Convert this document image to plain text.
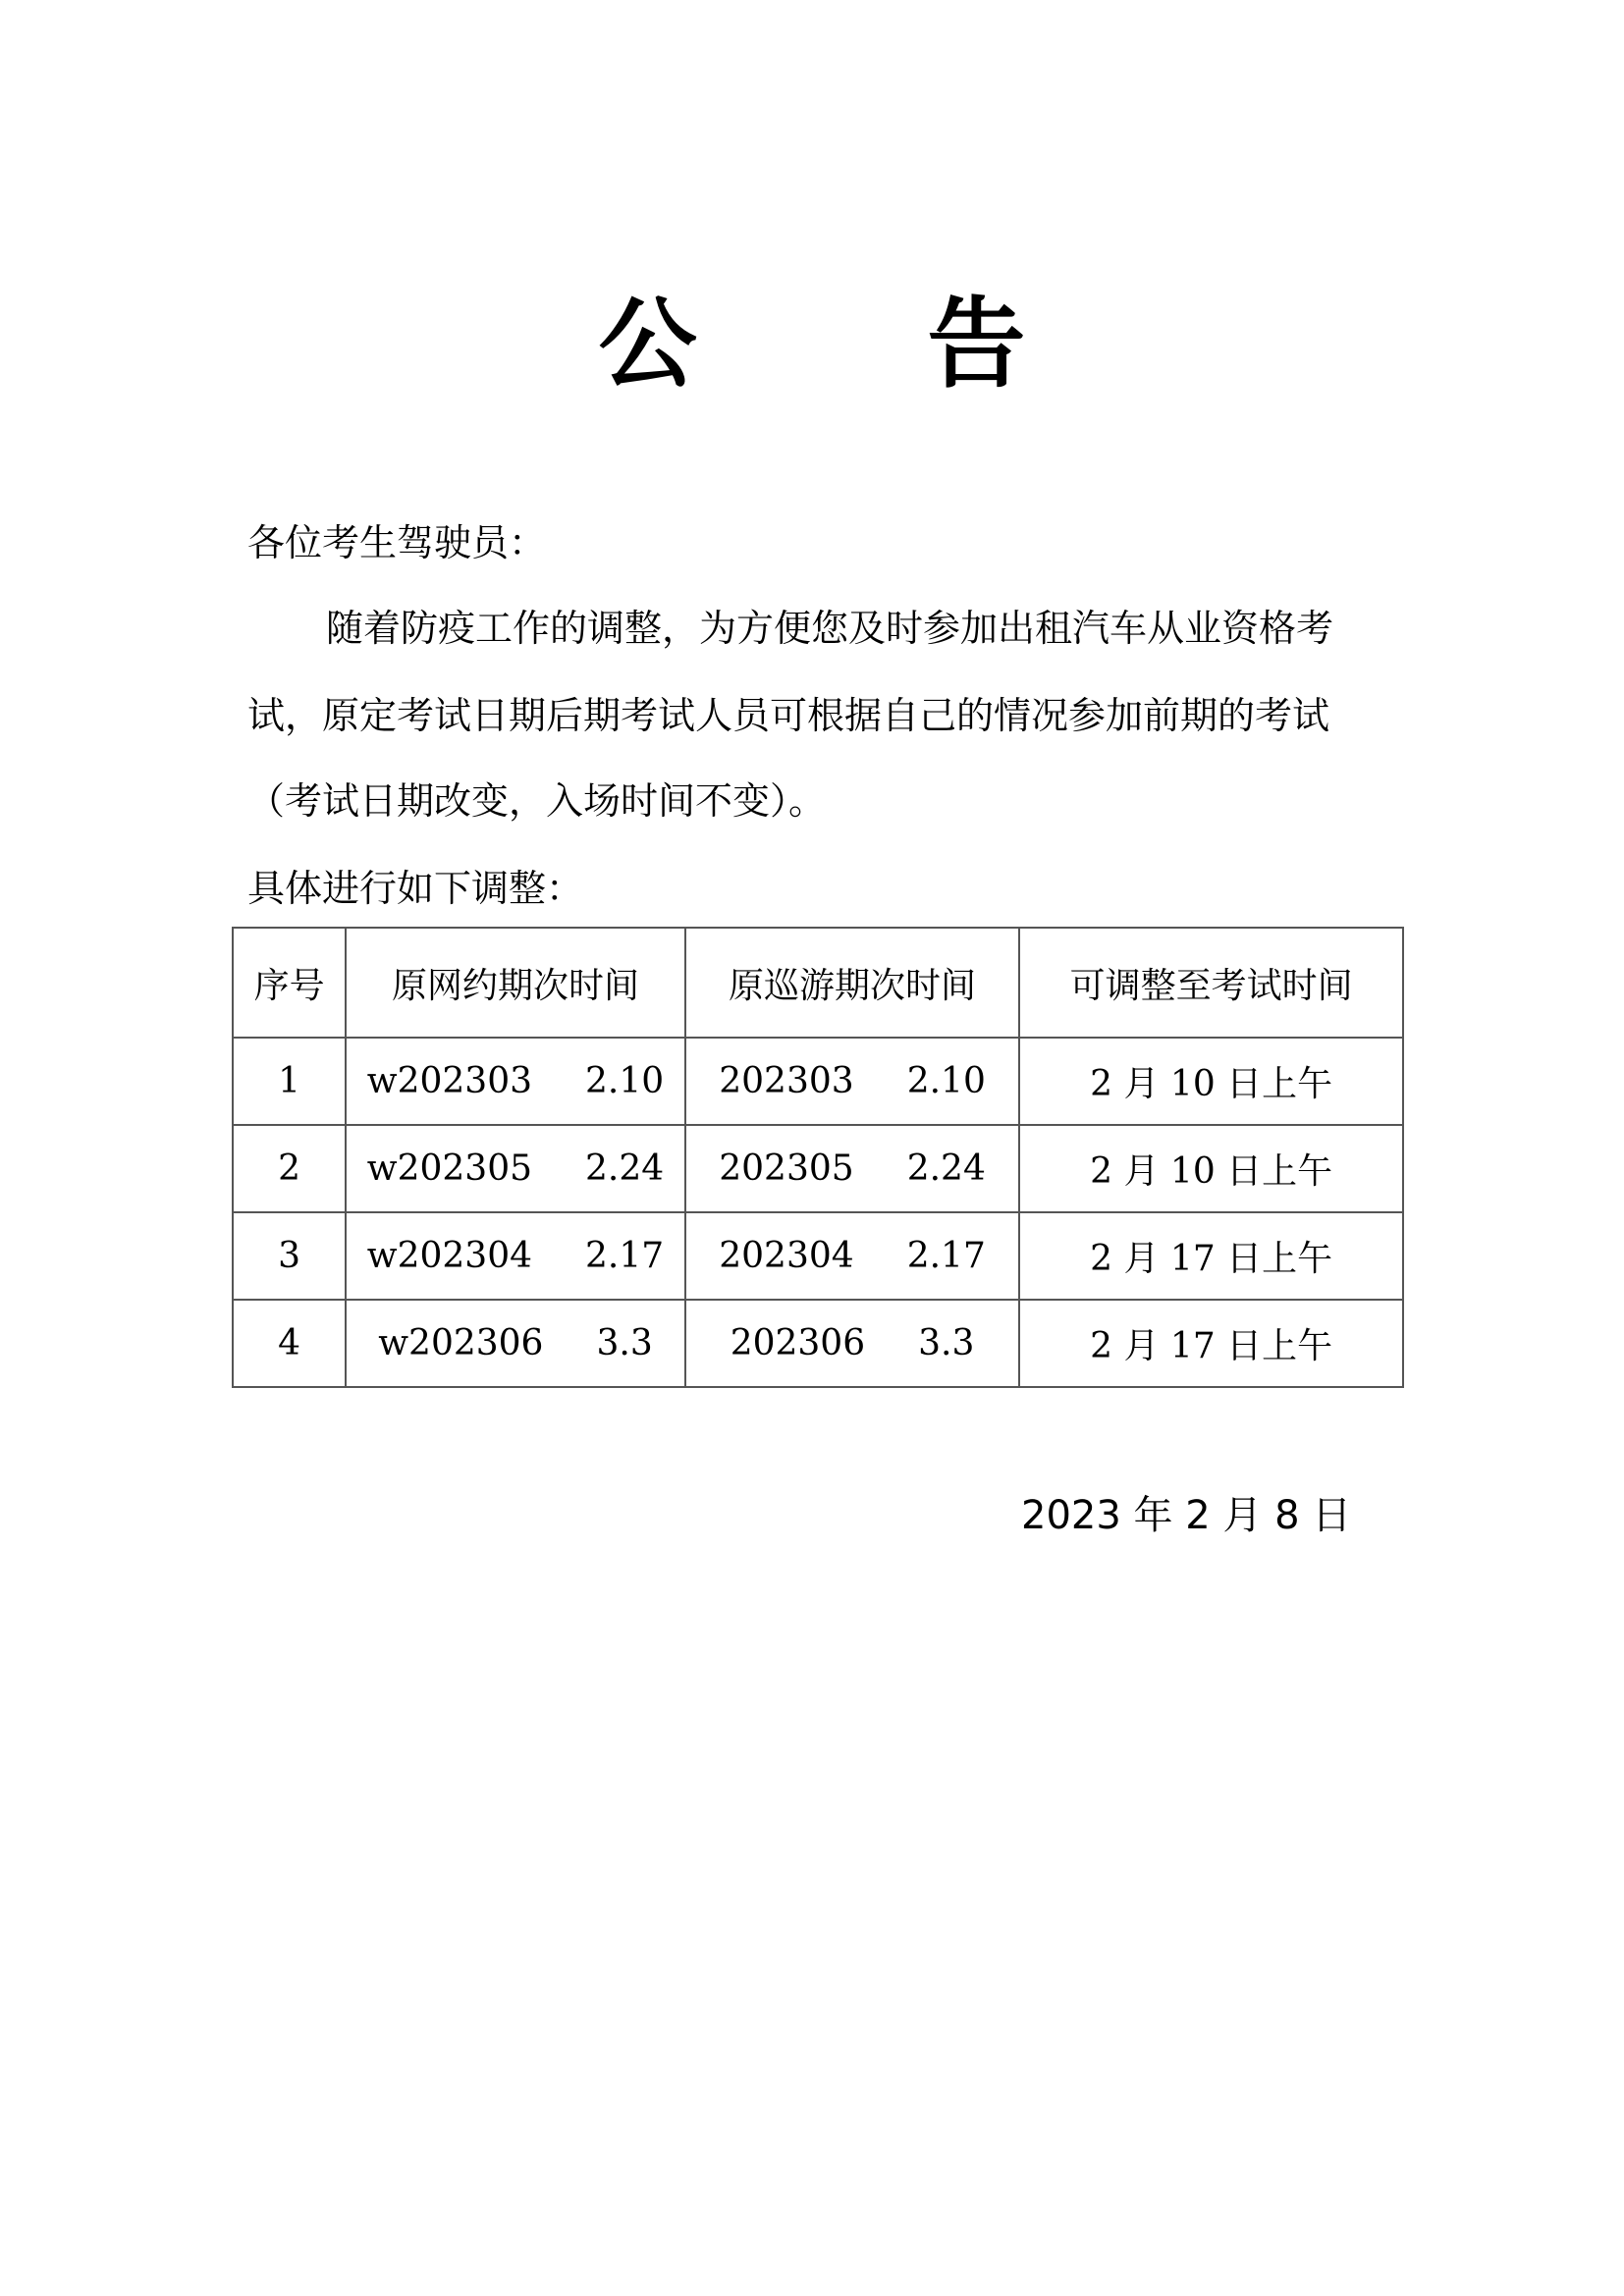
公 告
各位考生驾驶员：
随着防疫工作的调整，为方便您及时参加出租汽车从业资格考
试，原定考试日期后期考试人员可根据自己的情况参加前期的考试
（考试日期改变，入场时间不变）。
具体进行如下调整：
序号	原网约期次时间	原巡游期次时间	可调整至考试时间
1	w202303 2.10	202303 2.10	2 月 10 日上午
2	w202305 2.24	202305 2.24	2 月 10 日上午
3	w202304 2.17	202304 2.17	2 月 17 日上午
4	w202306 3.3	202306 3.3	2 月 17 日上午
2023 年 2 月 8 日
